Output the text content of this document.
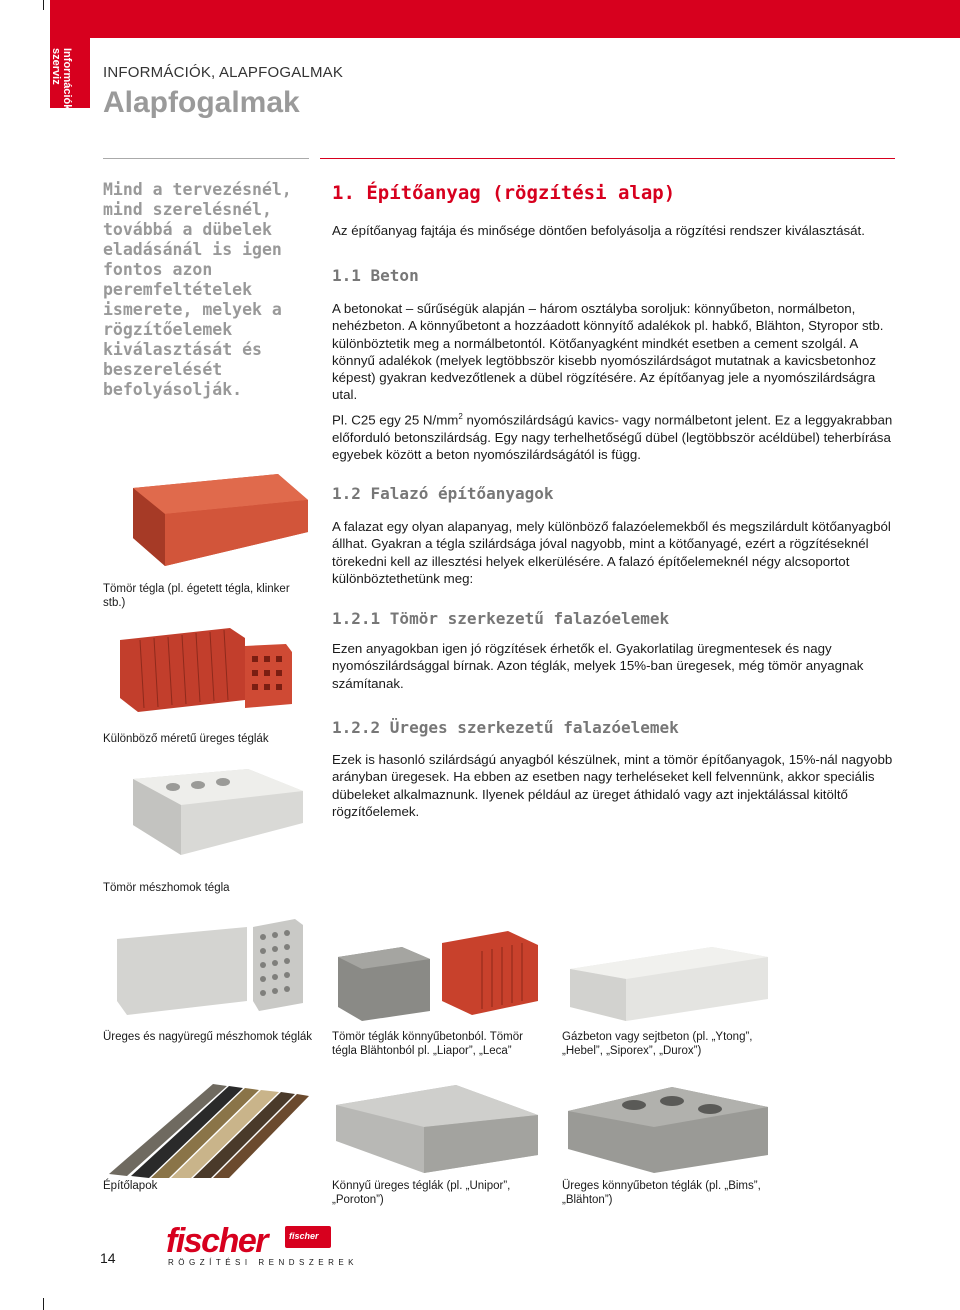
Információk, szerviz	INFORMÁCIÓK, ALAPFOGALMAK
Alapfogalmak
Mind a tervezésnél, mind szerelésnél, továbbá a dübelek eladásánál is igen fontos azon peremfeltételek ismerete, melyek a rögzítőelemek kiválasztását és beszerelését befolyásolják.
1. Építőanyag (rögzítési alap)
Az építőanyag fajtája és minősége döntően befolyásolja a rögzítési rendszer kiválasztását.
1.1 Beton
A betonokat – sűrűségük alapján – három osztályba soroljuk: könnyűbeton, normálbeton, nehézbeton. A könnyűbetont a hozzáadott könnyítő adalékok pl. habkő, Blähton, Styropor stb. különböztetik meg a normálbetontól. Kötőanyagként mindkét esetben a cement szolgál. A könnyű adalékok (melyek legtöbbször kisebb nyomószilárdságot mutatnak a kavicsbetonhoz képest) gyakran kedvezőtlenek a dübel rögzítésére. Az építőanyag jele a nyomószilárdságra utal.
Pl. C25 egy 25 $N/mm^2$ nyomószilárdságú kavics- vagy normálbetont jelent. Ez a leggyakrabban előforduló betonszilárdság. Egy nagy terhelhetőségű dübel (legtöbbször acéldübel) teherbírása egyebek között a beton nyomószilárdságától is függ.
1.2 Falazó építőanyagok
A falazat egy olyan alapanyag, mely különböző falazóelemekből és megszilárdult kötőanyagból állhat. Gyakran a tégla szilárdsága jóval nagyobb, mint a kötőanyagé, ezért a rögzítéseknél törekedni kell az illesztési helyek elkerülésére. A falazó építőelemeknél négy alcsoportot különböztethetünk meg:
1.2.1 Tömör szerkezetű falazóelemek
Ezen anyagokban igen jó rögzítések érhetők el. Gyakorlatilag üregmentesek és nagy nyomószilárdsággal bírnak. Azon téglák, melyek 15%-ban üregesek, még tömör anyagnak számítanak.
1.2.2 Üreges szerkezetű falazóelemek
Ezek is hasonló szilárdságú anyagból készülnek, mint a tömör építőanyagok, 15%-nál nagyobb arányban üregesek. Ha ebben az esetben nagy terheléseket kell felvennünk, akkor speciális dübeleket alkalmaznunk. Ilyenek például az üreget áthidaló vagy azt injektálással kitöltő rögzítőelemek.
Tömör tégla (pl. égetett tégla, klinker stb.)
Különböző méretű üreges téglák
Tömör mészhomok tégla
Üreges és nagyüregű mészhomok téglák Tömör téglák könnyűbetonból. Tömör tégla Blähtonból pl. „Liapor”, „Leca”
Gázbeton vagy sejtbeton (pl. „Ytong”, „Hebel”, „Siporex”, „Durox”)
Építőlapok	Könnyű üreges téglák (pl. „Unipor”, „Poroton”)
Üreges könnyűbeton téglák (pl. „Bims”, „Blähton”)
14 fischer fischer
RÖGZÍTÉSI RENDSZEREK
